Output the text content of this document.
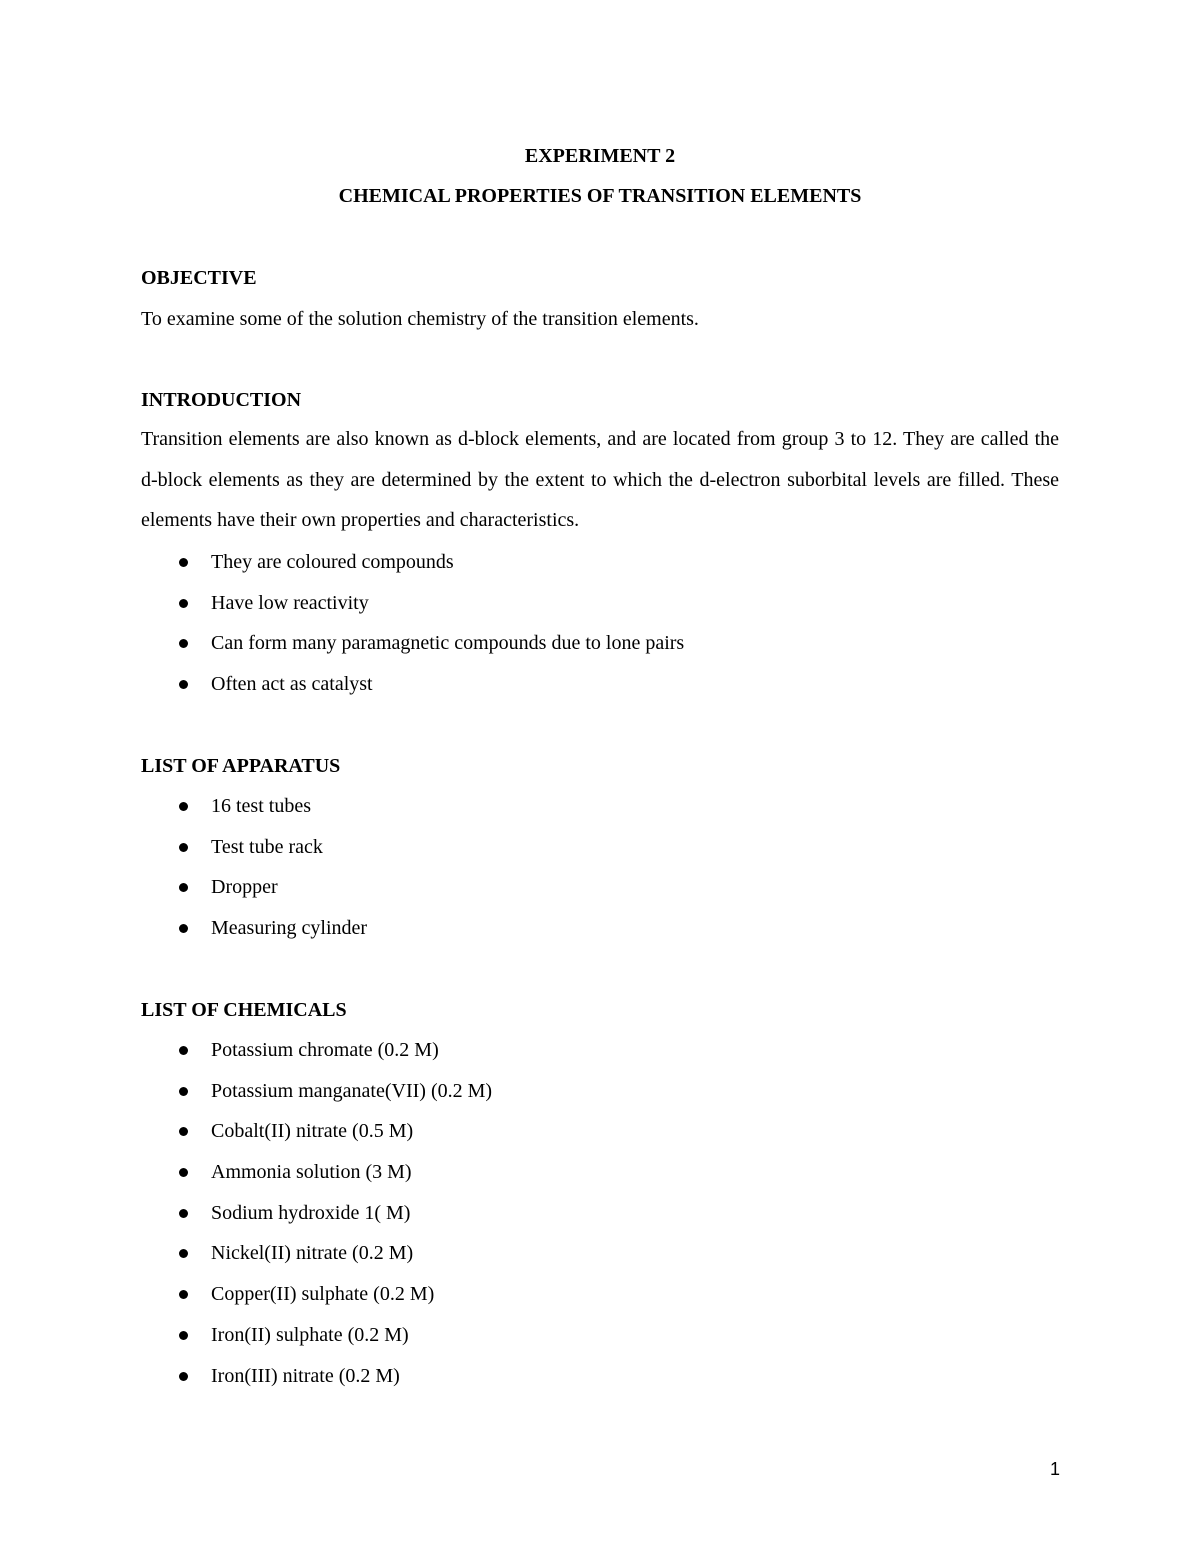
EXPERIMENT 2
CHEMICAL PROPERTIES OF TRANSITION ELEMENTS
OBJECTIVE
To examine some of the solution chemistry of the transition elements.
INTRODUCTION
Transition elements are also known as d-block elements, and are located from group 3 to 12. They are called the d-block elements as they are determined by the extent to which the d-electron suborbital levels are filled. These elements have their own properties and characteristics.
They are coloured compounds
Have low reactivity
Can form many paramagnetic compounds due to lone pairs
Often act as catalyst
LIST OF APPARATUS
16 test tubes
Test tube rack
Dropper
Measuring cylinder
LIST OF CHEMICALS
Potassium chromate (0.2 M)
Potassium manganate(VII) (0.2 M)
Cobalt(II) nitrate (0.5 M)
Ammonia solution (3 M)
Sodium hydroxide 1( M)
Nickel(II) nitrate (0.2 M)
Copper(II) sulphate (0.2 M)
Iron(II) sulphate (0.2 M)
Iron(III) nitrate (0.2 M)
1
